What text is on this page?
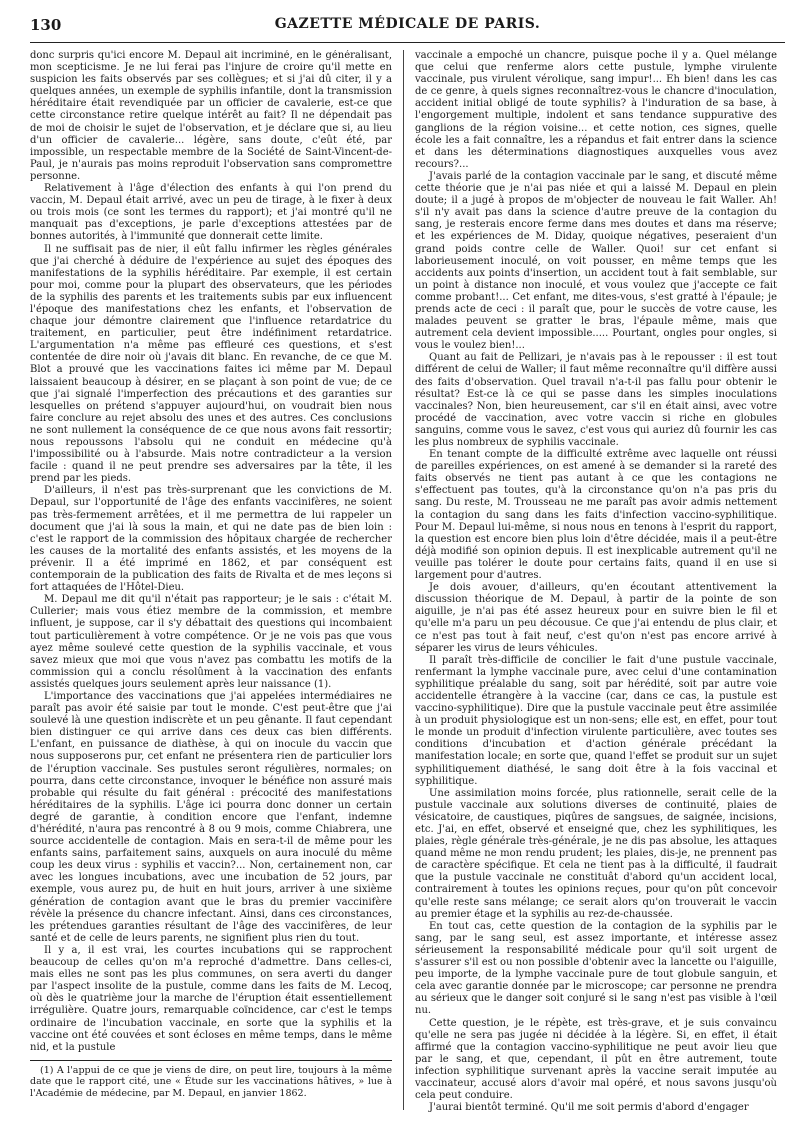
130	GAZETTE MÉDICALE DE PARIS.

donc surpris qu'ici encore M. Depaul ait incriminé, en le généralisant, mon scepticisme. Je ne lui ferai pas l'injure de croire qu'il mette en suspicion les faits observés par ses collègues; et si j'ai dû citer, il y a quelques années, un exemple de syphilis infantile, dont la transmission héréditaire était revendiquée par un officier de cavalerie, est-ce que cette circonstance retire quelque intérêt au fait? Il ne dépendait pas de moi de choisir le sujet de l'observation, et je déclare que si, au lieu d'un officier de cavalerie... légère, sans doute, c'eût été, par impossible, un respectable membre de la Société de Saint-Vincent-de-Paul, je n'aurais pas moins reproduit l'observation sans compromettre personne.

Relativement à l'âge d'élection des enfants à qui l'on prend du vaccin, M. Depaul était arrivé, avec un peu de tirage, à le fixer à deux ou trois mois (ce sont les termes du rapport); et j'ai montré qu'il ne manquait pas d'exceptions, je parle d'exceptions attestées par de bonnes autorités, à l'immunité que donnerait cette limite.

Il ne suffisait pas de nier, il eût fallu infirmer les règles générales que j'ai cherché à déduire de l'expérience au sujet des époques des manifestations de la syphilis héréditaire. Par exemple, il est certain pour moi, comme pour la plupart des observateurs, que les périodes de la syphilis des parents et les traitements subis par eux influencent l'époque des manifestations chez les enfants, et l'observation de chaque jour démontre clairement que l'influence retardatrice du traitement, en particulier, peut être indéfiniment retardatrice. L'argumentation n'a même pas effleuré ces questions, et s'est contentée de dire noir où j'avais dit blanc. En revanche, de ce que M. Blot a prouvé que les vaccinations faites ici même par M. Depaul laissaient beaucoup à désirer, en se plaçant à son point de vue; de ce que j'ai signalé l'imperfection des précautions et des garanties sur lesquelles on prétend s'appuyer aujourd'hui, on voudrait bien nous faire conclure au rejet absolu des unes et des autres. Ces conclusions ne sont nullement la conséquence de ce que nous avons fait ressortir; nous repoussons l'absolu qui ne conduit en médecine qu'à l'impossibilité ou à l'absurde. Mais notre contradicteur a la version facile : quand il ne peut prendre ses adversaires par la tête, il les prend par les pieds.

D'ailleurs, il n'est pas très-surprenant que les convictions de M. Depaul, sur l'opportunité de l'âge des enfants vaccinifères, ne soient pas très-fermement arrêtées, et il me permettra de lui rappeler un document que j'ai là sous la main, et qui ne date pas de bien loin : c'est le rapport de la commission des hôpitaux chargée de rechercher les causes de la mortalité des enfants assistés, et les moyens de la prévenir. Il a été imprimé en 1862, et par conséquent est contemporain de la publication des faits de Rivalta et de mes leçons si fort attaquées de l'Hôtel-Dieu.

M. Depaul me dit qu'il n'était pas rapporteur; je le sais : c'était M. Cullerier; mais vous étiez membre de la commission, et membre influent, je suppose, car il s'y débattait des questions qui incombaient tout particulièrement à votre compétence. Or je ne vois pas que vous ayez même soulevé cette question de la syphilis vaccinale, et vous savez mieux que moi que vous n'avez pas combattu les motifs de la commission qui a conclu résolûment à la vaccination des enfants assistés quelques jours seulement après leur naissance (1).

L'importance des vaccinations que j'ai appelées intermédiaires ne paraît pas avoir été saisie par tout le monde. C'est peut-être que j'ai soulevé là une question indiscrète et un peu gênante. Il faut cependant bien distinguer ce qui arrive dans ces deux cas bien différents. L'enfant, en puissance de diathèse, à qui on inocule du vaccin que nous supposerons pur, cet enfant ne présentera rien de particulier lors de l'éruption vaccinale. Ses pustules seront régulières, normales; on pourra, dans cette circonstance, invoquer le bénéfice non assuré mais probable qui résulte du fait général : précocité des manifestations héréditaires de la syphilis. L'âge ici pourra donc donner un certain degré de garantie, à condition encore que l'enfant, indemne d'hérédité, n'aura pas rencontré à 8 ou 9 mois, comme Chiabrera, une source accidentelle de contagion. Mais en sera-t-il de même pour les enfants sains, parfaitement sains, auxquels on aura inoculé du même coup les deux virus : syphilis et vaccin?... Non, certainement non, car avec les longues incubations, avec une incubation de 52 jours, par exemple, vous aurez pu, de huit en huit jours, arriver à une sixième génération de contagion avant que le bras du premier vaccinifère révèle la présence du chancre infectant. Ainsi, dans ces circonstances, les prétendues garanties résultant de l'âge des vaccinifères, de leur santé et de celle de leurs parents, ne signifient plus rien du tout.

Il y a, il est vrai, les courtes incubations qui se rapprochent beaucoup de celles qu'on m'a reproché d'admettre. Dans celles-ci, mais elles ne sont pas les plus communes, on sera averti du danger par l'aspect insolite de la pustule, comme dans les faits de M. Lecoq, où dès le quatrième jour la marche de l'éruption était essentiellement irrégulière. Quatre jours, remarquable coïncidence, car c'est le temps ordinaire de l'incubation vaccinale, en sorte que la syphilis et la vaccine ont été couvées et sont écloses en même temps, dans le même nid, et la pustule

(1) A l'appui de ce que je viens de dire, on peut lire, toujours à la même date que le rapport cité, une « Étude sur les vaccinations hâtives, » lue à l'Académie de médecine, par M. Depaul, en janvier 1862.

vaccinale a empoché un chancre, puisque poche il y a. Quel mélange que celui que renferme alors cette pustule, lymphe virulente vaccinale, pus virulent vérolique, sang impur!... Eh bien! dans les cas de ce genre, à quels signes reconnaîtrez-vous le chancre d'inoculation, accident initial obligé de toute syphilis? à l'induration de sa base, à l'engorgement multiple, indolent et sans tendance suppurative des ganglions de la région voisine... et cette notion, ces signes, quelle école les a fait connaître, les a répandus et fait entrer dans la science et dans les déterminations diagnostiques auxquelles vous avez recours?...

J'avais parlé de la contagion vaccinale par le sang, et discuté même cette théorie que je n'ai pas niée et qui a laissé M. Depaul en plein doute; il a jugé à propos de m'objecter de nouveau le fait Waller. Ah! s'il n'y avait pas dans la science d'autre preuve de la contagion du sang, je resterais encore ferme dans mes doutes et dans ma réserve; et les expériences de M. Diday, quoique négatives, peseraient d'un grand poids contre celle de Waller. Quoi! sur cet enfant si laborieusement inoculé, on voit pousser, en même temps que les accidents aux points d'insertion, un accident tout à fait semblable, sur un point à distance non inoculé, et vous voulez que j'accepte ce fait comme probant!... Cet enfant, me dites-vous, s'est gratté à l'épaule; je prends acte de ceci : il paraît que, pour le succès de votre cause, les malades peuvent se gratter le bras, l'épaule même, mais que autrement cela devient impossible..... Pourtant, ongles pour ongles, si vous le voulez bien!...

Quant au fait de Pellizari, je n'avais pas à le repousser : il est tout différent de celui de Waller; il faut même reconnaître qu'il diffère aussi des faits d'observation. Quel travail n'a-t-il pas fallu pour obtenir le résultat? Est-ce là ce qui se passe dans les simples inoculations vaccinales? Non, bien heureusement, car s'il en était ainsi, avec votre procédé de vaccination, avec votre vaccin si riche en globules sanguins, comme vous le savez, c'est vous qui auriez dû fournir les cas les plus nombreux de syphilis vaccinale.

En tenant compte de la difficulté extrême avec laquelle ont réussi de pareilles expériences, on est amené à se demander si la rareté des faits observés ne tient pas autant à ce que les contagions ne s'effectuent pas toutes, qu'à la circonstance qu'on n'a pas pris du sang. Du reste, M. Trousseau ne me paraît pas avoir admis nettement la contagion du sang dans les faits d'infection vaccino-syphilitique. Pour M. Depaul lui-même, si nous nous en tenons à l'esprit du rapport, la question est encore bien plus loin d'être décidée, mais il a peut-être déjà modifié son opinion depuis. Il est inexplicable autrement qu'il ne veuille pas tolérer le doute pour certains faits, quand il en use si largement pour d'autres.

Je dois avouer, d'ailleurs, qu'en écoutant attentivement la discussion théorique de M. Depaul, à partir de la pointe de son aiguille, je n'ai pas été assez heureux pour en suivre bien le fil et qu'elle m'a paru un peu décousue. Ce que j'ai entendu de plus clair, et ce n'est pas tout à fait neuf, c'est qu'on n'est pas encore arrivé à séparer les virus de leurs véhicules.

Il paraît très-difficile de concilier le fait d'une pustule vaccinale, renfermant la lymphe vaccinale pure, avec celui d'une contamination syphilitique préalable du sang, soit par hérédité, soit par autre voie accidentelle étrangère à la vaccine (car, dans ce cas, la pustule est vaccino-syphilitique). Dire que la pustule vaccinale peut être assimilée à un produit physiologique est un non-sens; elle est, en effet, pour tout le monde un produit d'infection virulente particulière, avec toutes ses conditions d'incubation et d'action générale précédant la manifestation locale; en sorte que, quand l'effet se produit sur un sujet syphilitiquement diathésé, le sang doit être à la fois vaccinal et syphilitique.

Une assimilation moins forcée, plus rationnelle, serait celle de la pustule vaccinale aux solutions diverses de continuité, plaies de vésicatoire, de caustiques, piqûres de sangsues, de saignée, incisions, etc. J'ai, en effet, observé et enseigné que, chez les syphilitiques, les plaies, règle générale très-générale, je ne dis pas absolue, les attaques quand même ne mon rendu prudent; les plaies, dis-je, ne prennent pas de caractère spécifique. Et cela ne tient pas à la difficulté, il faudrait que la pustule vaccinale ne constituât d'abord qu'un accident local, contrairement à toutes les opinions reçues, pour qu'on pût concevoir qu'elle reste sans mélange; ce serait alors qu'on trouverait le vaccin au premier étage et la syphilis au rez-de-chaussée.

En tout cas, cette question de la contagion de la syphilis par le sang, par le sang seul, est assez importante, et intéresse assez sérieusement la responsabilité médicale pour qu'il soit urgent de s'assurer s'il est ou non possible d'obtenir avec la lancette ou l'aiguille, peu importe, de la lymphe vaccinale pure de tout globule sanguin, et cela avec garantie donnée par le microscope; car personne ne prendra au sérieux que le danger soit conjuré si le sang n'est pas visible à l'œil nu.

Cette question, je le répète, est très-grave, et je suis convaincu qu'elle ne sera pas jugée ni décidée à la légère. Si, en effet, il était affirmé que la contagion vaccino-syphilitique ne peut avoir lieu que par le sang, et que, cependant, il pût en être autrement, toute infection syphilitique survenant après la vaccine serait imputée au vaccinateur, accusé alors d'avoir mal opéré, et nous savons jusqu'où cela peut conduire.

J'aurai bientôt terminé. Qu'il me soit permis d'abord d'engager
